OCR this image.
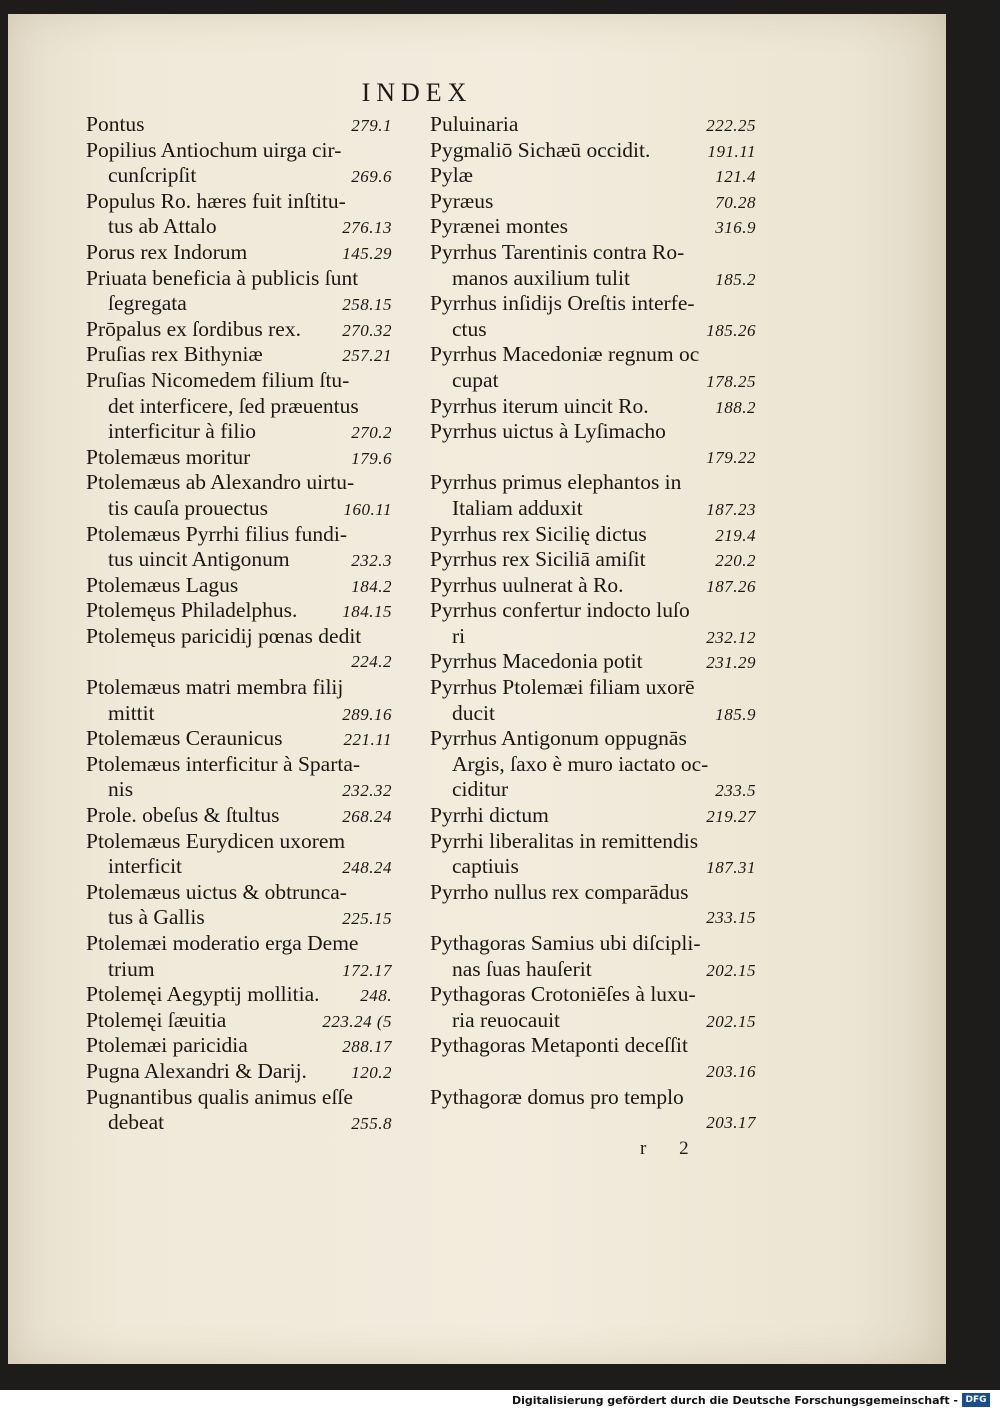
INDEX
Pontus	279.1
Popilius Antiochum uirga cir-
cunſcripſit	269.6
Populus Ro. hæres fuit inſtitu-
tus ab Attalo	276.13
Porus rex Indorum	145.29
Priuata beneficia à publicis ſunt
ſegregata	258.15
Prōpalus ex ſordibus rex. 270.32
Pruſias rex Bithyniæ	257.21
Pruſias Nicomedem filium ſtu-
det interficere, ſed præuentus
interficitur à filio	270.2
Ptolemæus moritur	179.6
Ptolemæus ab Alexandro uirtu-
tis cauſa prouectus	160.11
Ptolemæus Pyrrhi filius fundi-
tus uincit Antigonum	232.3
Ptolemæus Lagus	184.2
Ptolemęus Philadelphus.	184.15
Ptolemęus paricidij pœnas dedit
224.2
Ptolemæus matri membra filij
mittit	289.16
Ptolemæus Ceraunicus	221.11
Ptolemæus interficitur à Sparta-
nis	232.32
Prole. obeſus & ſtultus	268.24
Ptolemæus Eurydicen uxorem
interficit	248.24
Ptolemæus uictus & obtrunca-
tus à Gallis	225.15
Ptolemæi moderatio erga Deme
trium	172.17
Ptolemęi Aegyptij mollitia. 248.
Ptolemęi ſæuitia	223.24 (5
Ptolemæi paricidia	288.17
Pugna Alexandri & Darij.	120.2
Pugnantibus qualis animus eſſe
debeat	255.8
Puluinaria	222.25
Pygmaliō Sichæū occidit.	191.11
Pylæ	121.4
Pyræus	70.28
Pyrænei montes	316.9
Pyrrhus Tarentinis contra Ro-
manos auxilium tulit	185.2
Pyrrhus inſidijs Oreſtis interfe-
ctus	185.26
Pyrrhus Macedoniæ regnum oc
cupat	178.25
Pyrrhus iterum uincit Ro.	188.2
Pyrrhus uictus à Lyſimacho
179.22
Pyrrhus primus elephantos in
Italiam adduxit	187.23
Pyrrhus rex Sicilię dictus	219.4
Pyrrhus rex Siciliā amiſit	220.2
Pyrrhus uulnerat à Ro.	187.26
Pyrrhus confertur indocto luſo
ri	232.12
Pyrrhus Macedonia potit	231.29
Pyrrhus Ptolemæi filiam uxorē
ducit	185.9
Pyrrhus Antigonum oppugnās
Argis, ſaxo è muro iactato oc-
ciditur	233.5
Pyrrhi dictum	219.27
Pyrrhi liberalitas in remittendis
captiuis	187.31
Pyrrho nullus rex comparādus
233.15
Pythagoras Samius ubi diſcipli-
nas ſuas hauſerit	202.15
Pythagoras Crotoniēſes à luxu-
ria reuocauit	202.15
Pythagoras Metaponti deceſſit
203.16
Pythagoræ domus pro templo
203.17
r 2
Digitalisierung gefördert durch die Deutsche Forschungsgemeinschaft - DFG
